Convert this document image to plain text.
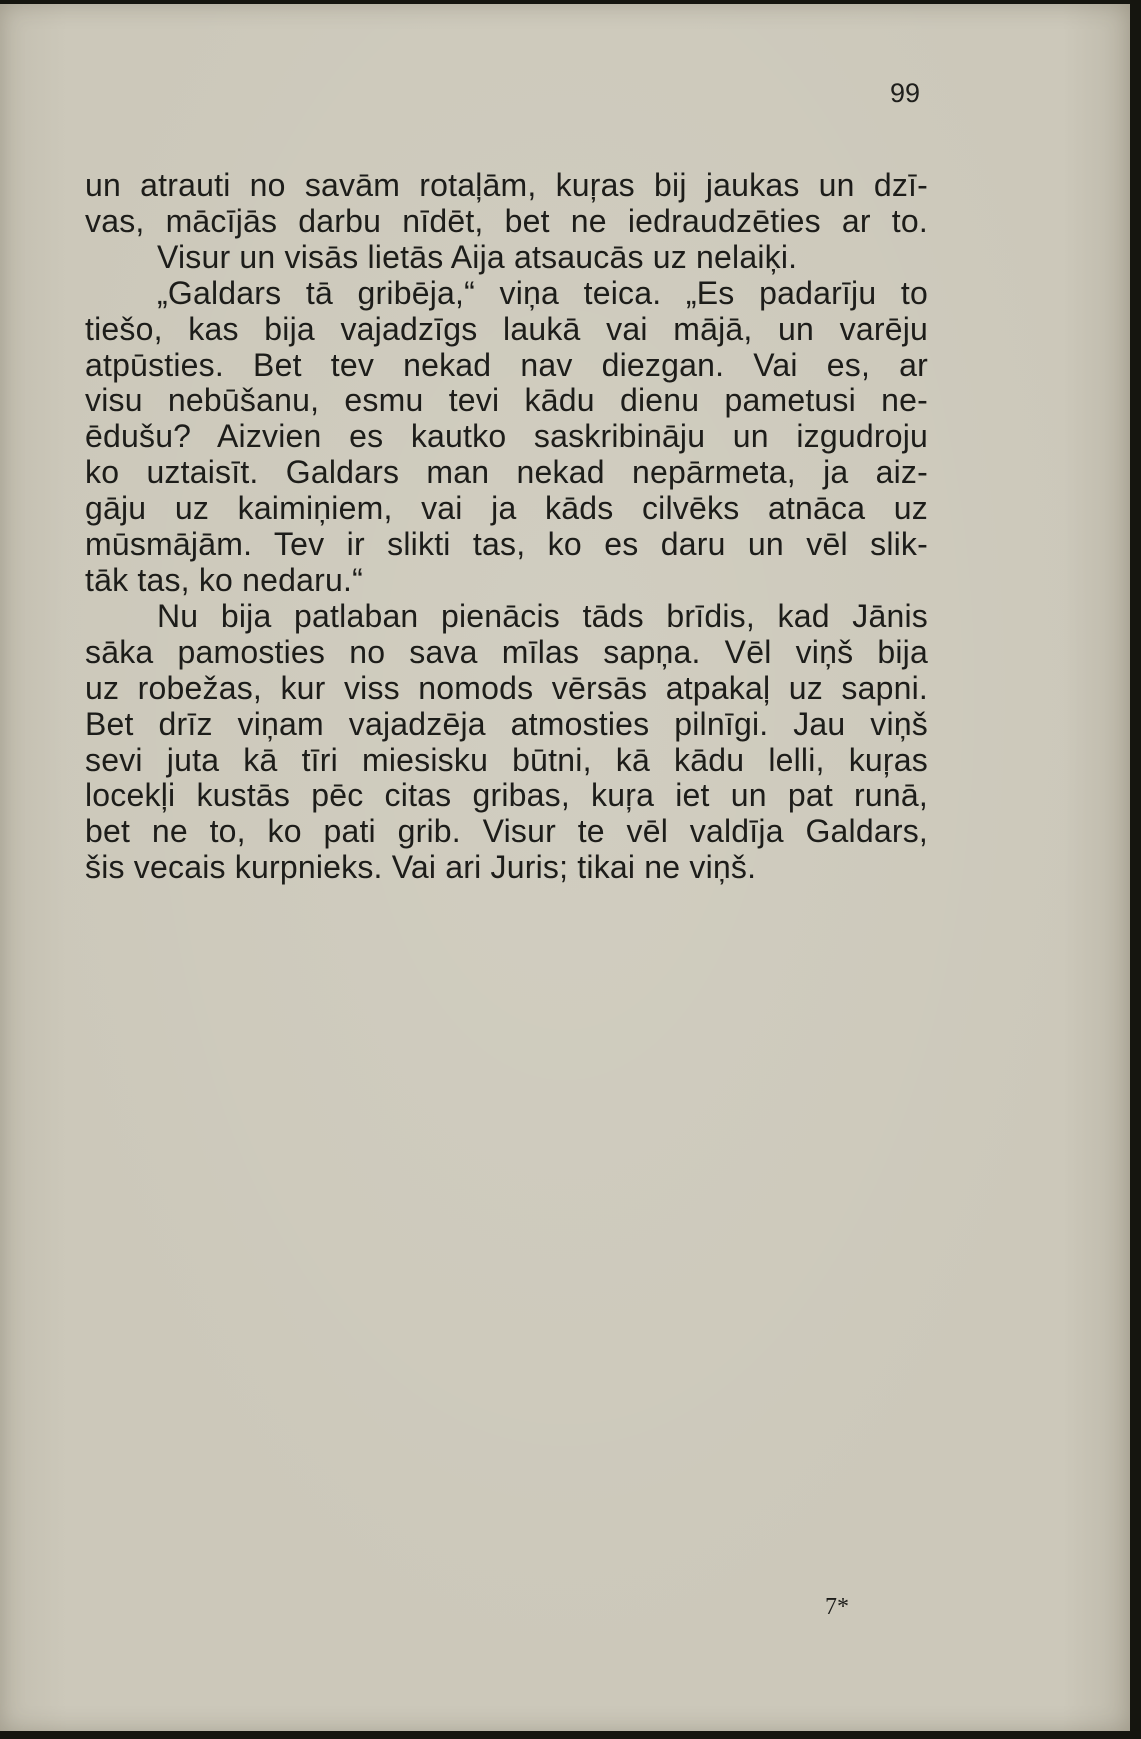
99
un atrauti no savām rotaļām, kuŗas bij jaukas un dzī-
vas, mācījās darbu nīdēt, bet ne iedraudzēties ar to.
Visur un visās lietās Aija atsaucās uz nelaiķi.
„Galdars tā gribēja,“ viņa teica. „Es padarīju to
tiešo, kas bija vajadzīgs laukā vai mājā, un varēju
atpūsties. Bet tev nekad nav diezgan. Vai es, ar
visu nebūšanu, esmu tevi kādu dienu pametusi ne-
ēdušu? Aizvien es kautko saskribināju un izgudroju
ko uztaisīt. Galdars man nekad nepārmeta, ja aiz-
gāju uz kaimiņiem, vai ja kāds cilvēks atnāca uz
mūsmājām. Tev ir slikti tas, ko es daru un vēl slik-
tāk tas, ko nedaru.“
Nu bija patlaban pienācis tāds brīdis, kad Jānis
sāka pamosties no sava mīlas sapņa. Vēl viņš bija
uz robežas, kur viss nomods vērsās atpakaļ uz sapni.
Bet drīz viņam vajadzēja atmosties pilnīgi. Jau viņš
sevi juta kā tīri miesisku būtni, kā kādu lelli, kuŗas
locekļi kustās pēc citas gribas, kuŗa iet un pat runā,
bet ne to, ko pati grib. Visur te vēl valdīja Galdars,
šis vecais kurpnieks. Vai ari Juris; tikai ne viņš.
7*
